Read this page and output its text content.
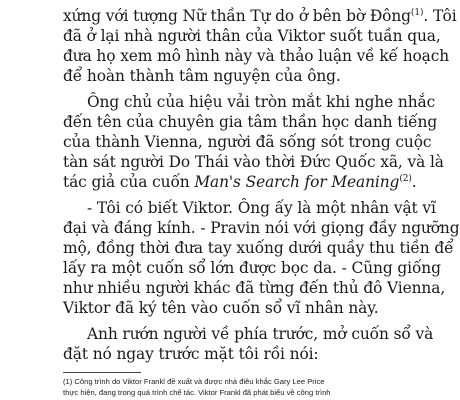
xứng với tượng Nữ thần Tự do ở bên bờ Đông$^{(1)}$. Tôi
đã ở lại nhà người thân của Viktor suốt tuần qua,
đưa họ xem mô hình này và thảo luận về kế hoạch
để hoàn thành tâm nguyện của ông.
Ông chủ của hiệu vải tròn mắt khi nghe nhắc
đến tên của chuyên gia tâm thần học danh tiếng
của thành Vienna, người đã sống sót trong cuộc
tàn sát người Do Thái vào thời Đức Quốc xã, và là
tác giả của cuốn Man's Search for Meaning$^{(2)}$.
- Tôi có biết Viktor. Ông ấy là một nhân vật vĩ
đại và đáng kính. - Pravin nói với giọng đầy ngưỡng
mộ, đồng thời đưa tay xuống dưới quầy thu tiền để
lấy ra một cuốn sổ lớn được bọc da. - Cũng giống
như nhiều người khác đã từng đến thủ đô Vienna,
Viktor đã ký tên vào cuốn sổ vĩ nhân này.
Anh rướn người về phía trước, mở cuốn sổ và
đặt nó ngay trước mặt tôi rồi nói:
(1) Công trình do Viktor Frankl đề xuất và được nhà điêu khắc Gary Lee Price
thực hiện, đang trong quá trình chế tác. Viktor Frankl đã phát biểu về công trình
